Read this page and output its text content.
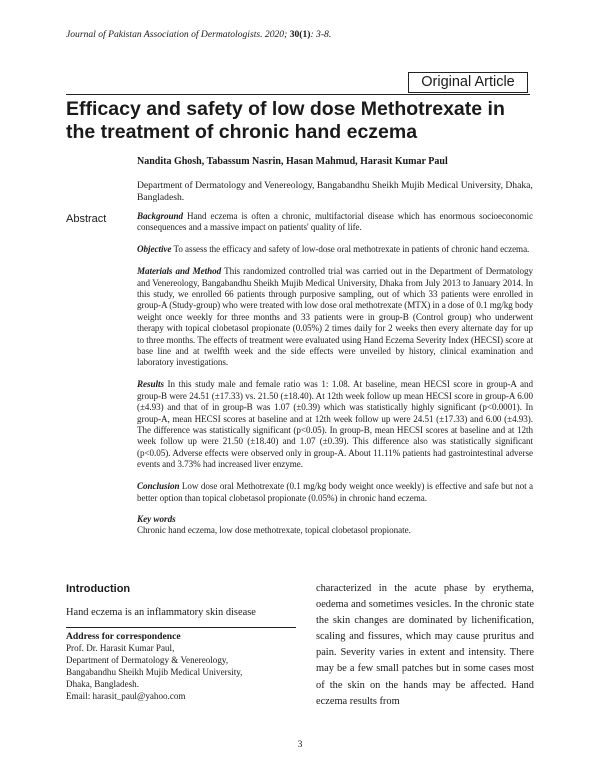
Journal of Pakistan Association of Dermatologists. 2020; 30(1): 3-8.
Original Article
Efficacy and safety of low dose Methotrexate in the treatment of chronic hand eczema
Nandita Ghosh, Tabassum Nasrin, Hasan Mahmud, Harasit Kumar Paul
Department of Dermatology and Venereology, Bangabandhu Sheikh Mujib Medical University, Dhaka, Bangladesh.
Abstract	Background Hand eczema is often a chronic, multifactorial disease which has enormous socioeconomic consequences and a massive impact on patients' quality of life.

Objective To assess the efficacy and safety of low-dose oral methotrexate in patients of chronic hand eczema.

Materials and Method This randomized controlled trial was carried out in the Department of Dermatology and Venereology, Bangabandhu Sheikh Mujib Medical University, Dhaka from July 2013 to January 2014. In this study, we enrolled 66 patients through purposive sampling, out of which 33 patients were enrolled in group-A (Study-group) who were treated with low dose oral methotrexate (MTX) in a dose of 0.1 mg/kg body weight once weekly for three months and 33 patients were in group-B (Control group) who underwent therapy with topical clobetasol propionate (0.05%) 2 times daily for 2 weeks then every alternate day for up to three months. The effects of treatment were evaluated using Hand Eczema Severity Index (HECSI) score at base line and at twelfth week and the side effects were unveiled by history, clinical examination and laboratory investigations.

Results In this study male and female ratio was 1: 1.08. At baseline, mean HECSI score in group-A and group-B were 24.51 (±17.33) vs. 21.50 (±18.40). At 12th week follow up mean HECSI score in group-A 6.00 (±4.93) and that of in group-B was 1.07 (±0.39) which was statistically highly significant (p<0.0001). In group-A, mean HECSI scores at baseline and at 12th week follow up were 24.51 (±17.33) and 6.00 (±4.93). The difference was statistically significant (p<0.05). In group-B, mean HECSI scores at baseline and at 12th week follow up were 21.50 (±18.40) and 1.07 (±0.39). This difference also was statistically significant (p<0.05). Adverse effects were observed only in group-A. About 11.11% patients had gastrointestinal adverse events and 3.73% had increased liver enzyme.

Conclusion Low dose oral Methotrexate (0.1 mg/kg body weight once weekly) is effective and safe but not a better option than topical clobetasol propionate (0.05%) in chronic hand eczema.

Key words

Chronic hand eczema, low dose methotrexate, topical clobetasol propionate.

Introduction
Hand eczema is an inflammatory skin disease

Address for correspondence

Prof. Dr. Harasit Kumar Paul,

Department of Dermatology & Venereology,

Bangabandhu Sheikh Mujib Medical University,

Dhaka, Bangladesh.

Email: harasit_paul@yahoo.com

characterized in the acute phase by erythema, oedema and sometimes vesicles. In the chronic state the skin changes are dominated by lichenification, scaling and fissures, which may cause pruritus and pain. Severity varies in extent and intensity. There may be a few small patches but in some cases most of the skin on the hands may be affected. Hand eczema results from
3
